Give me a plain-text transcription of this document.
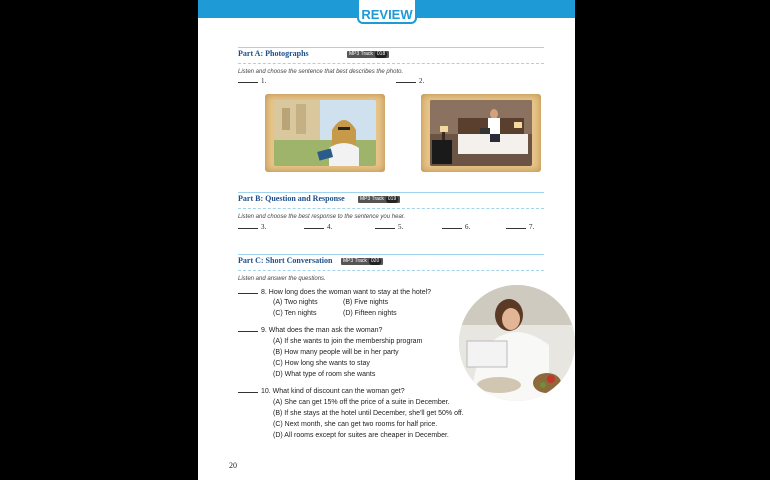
REVIEW
Part A: Photographs	MP3 Track 018
Listen and choose the sentence that best describes the photo.
1.	2.
Part B: Question and Response	MP3 Track 019
Listen and choose the best response to the sentence you hear.
3.	4.	5.	6.	7.
Part C: Short Conversation	MP3 Track 020
Listen and answer the questions.
8. How long does the woman want to stay at the hotel?
(A) Two nights	(B) Five nights
(C) Ten nights	(D) Fifteen nights
9. What does the man ask the woman?
(A) If she wants to join the membership program
(B) How many people will be in her party
(C) How long she wants to stay
(D) What type of room she wants
10. What kind of discount can the woman get?
(A) She can get 15% off the price of a suite in December.
(B) If she stays at the hotel until December, she'll get 50% off.
(C) Next month, she can get two rooms for half price.
(D) All rooms except for suites are cheaper in December.
20
